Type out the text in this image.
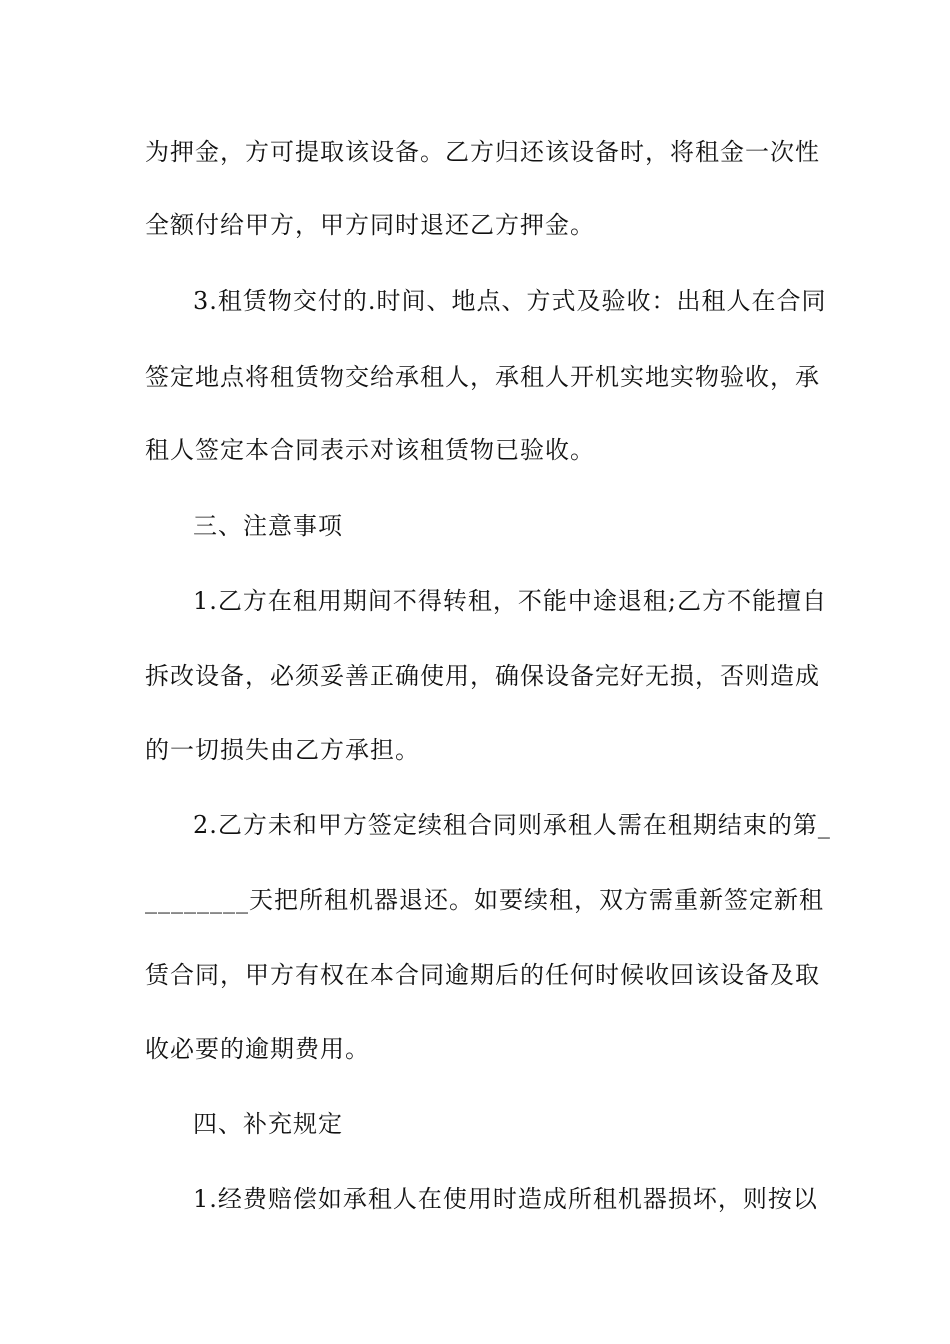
为押金，方可提取该设备。乙方归还该设备时，将租金一次性
全额付给甲方，甲方同时退还乙方押金。
3.租赁物交付的.时间、地点、方式及验收：出租人在合同
签定地点将租赁物交给承租人，承租人开机实地实物验收，承
租人签定本合同表示对该租赁物已验收。
三、注意事项
1.乙方在租用期间不得转租，不能中途退租;乙方不能擅自
拆改设备，必须妥善正确使用，确保设备完好无损，否则造成
的一切损失由乙方承担。
2.乙方未和甲方签定续租合同则承租人需在租期结束的第_
________天把所租机器退还。如要续租，双方需重新签定新租
赁合同，甲方有权在本合同逾期后的任何时候收回该设备及取
收必要的逾期费用。
四、补充规定
1.经费赔偿如承租人在使用时造成所租机器损坏，则按以
